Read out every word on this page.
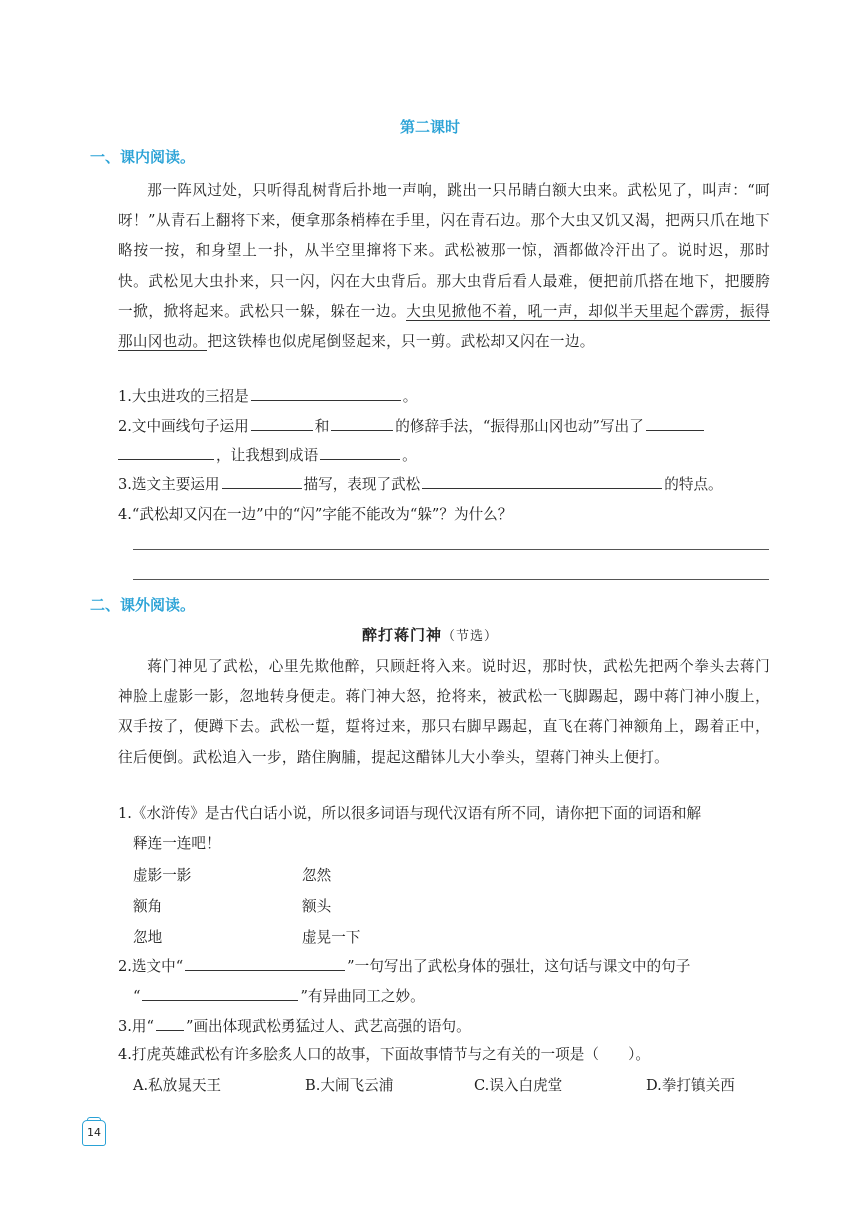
第二课时
一、课内阅读。
那一阵风过处，只听得乱树背后扑地一声响，跳出一只吊睛白额大虫来。武松见了，叫声：“呵呀！”从青石上翻将下来，便拿那条梢棒在手里，闪在青石边。那个大虫又饥又渴，把两只爪在地下略按一按，和身望上一扑，从半空里撺将下来。武松被那一惊，酒都做冷汗出了。说时迟，那时快。武松见大虫扑来，只一闪，闪在大虫背后。那大虫背后看人最难，便把前爪搭在地下，把腰胯一掀，掀将起来。武松只一躲，躲在一边。大虫见掀他不着，吼一声，却似半天里起个霹雳，振得那山冈也动。把这铁棒也似虎尾倒竖起来，只一剪。武松却又闪在一边。
1.大虫进攻的三招是	。
2.文中画线句子运用	和	的修辞手法，“振得那山冈也动”写出了
，让我想到成语	。
3.选文主要运用	描写，表现了武松	的特点。
4.“武松却又闪在一边”中的“闪”字能不能改为“躲”？为什么？
二、课外阅读。
醉打蒋门神（节选）
蒋门神见了武松，心里先欺他醉，只顾赶将入来。说时迟，那时快，武松先把两个拳头去蒋门神脸上虚影一影，忽地转身便走。蒋门神大怒，抢将来，被武松一飞脚踢起，踢中蒋门神小腹上，双手按了，便蹲下去。武松一踅，踅将过来，那只右脚早踢起，直飞在蒋门神额角上，踢着正中，往后便倒。武松追入一步，踏住胸脯，提起这醋钵儿大小拳头，望蒋门神头上便打。
1.《水浒传》是古代白话小说，所以很多词语与现代汉语有所不同，请你把下面的词语和解
释连一连吧！
虚影一影	忽然
额角	额头
忽地	虚晃一下
2.选文中“	”一句写出了武松身体的强壮，这句话与课文中的句子
“	”有异曲同工之妙。
3.用“ ”画出体现武松勇猛过人、武艺高强的语句。
4.打虎英雄武松有许多脍炙人口的故事，下面故事情节与之有关的一项是（　　）。
A.私放晁天王	B.大闹飞云浦	C.误入白虎堂	D.拳打镇关西
14
